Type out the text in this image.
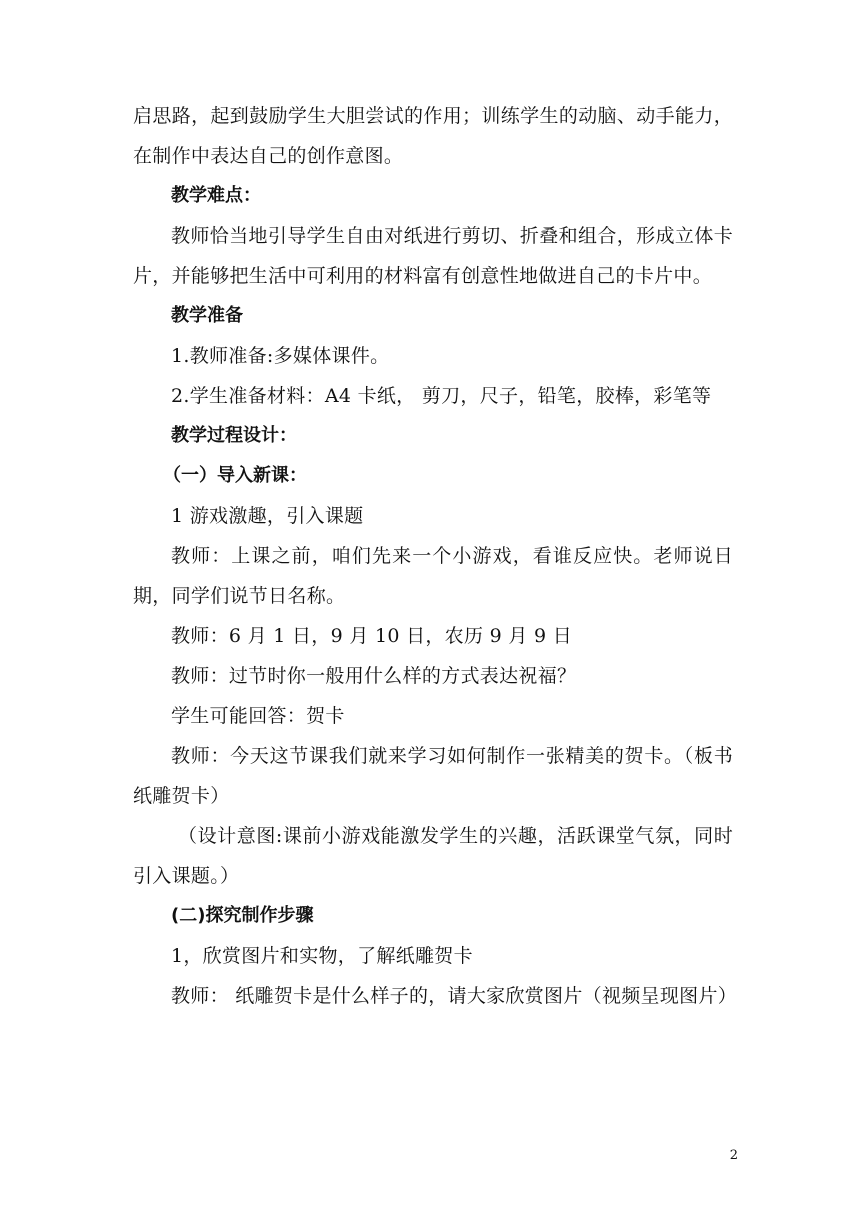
启思路，起到鼓励学生大胆尝试的作用；训练学生的动脑、动手能力，在制作中表达自己的创作意图。

教学难点：

教师恰当地引导学生自由对纸进行剪切、折叠和组合，形成立体卡片，并能够把生活中可利用的材料富有创意性地做进自己的卡片中。

教学准备

1.教师准备:多媒体课件。

2.学生准备材料：A4 卡纸， 剪刀，尺子，铅笔，胶棒，彩笔等

教学过程设计：

（一）导入新课：

1 游戏激趣，引入课题

教师：上课之前，咱们先来一个小游戏，看谁反应快。老师说日期，同学们说节日名称。

教师：6 月 1 日，9 月 10 日，农历 9 月 9 日

教师：过节时你一般用什么样的方式表达祝福？

学生可能回答：贺卡

教师：今天这节课我们就来学习如何制作一张精美的贺卡。（板书纸雕贺卡）

（设计意图:课前小游戏能激发学生的兴趣，活跃课堂气氛，同时引入课题。）

(二)探究制作步骤

1，欣赏图片和实物，了解纸雕贺卡

教师： 纸雕贺卡是什么样子的，请大家欣赏图片（视频呈现图片）

2
